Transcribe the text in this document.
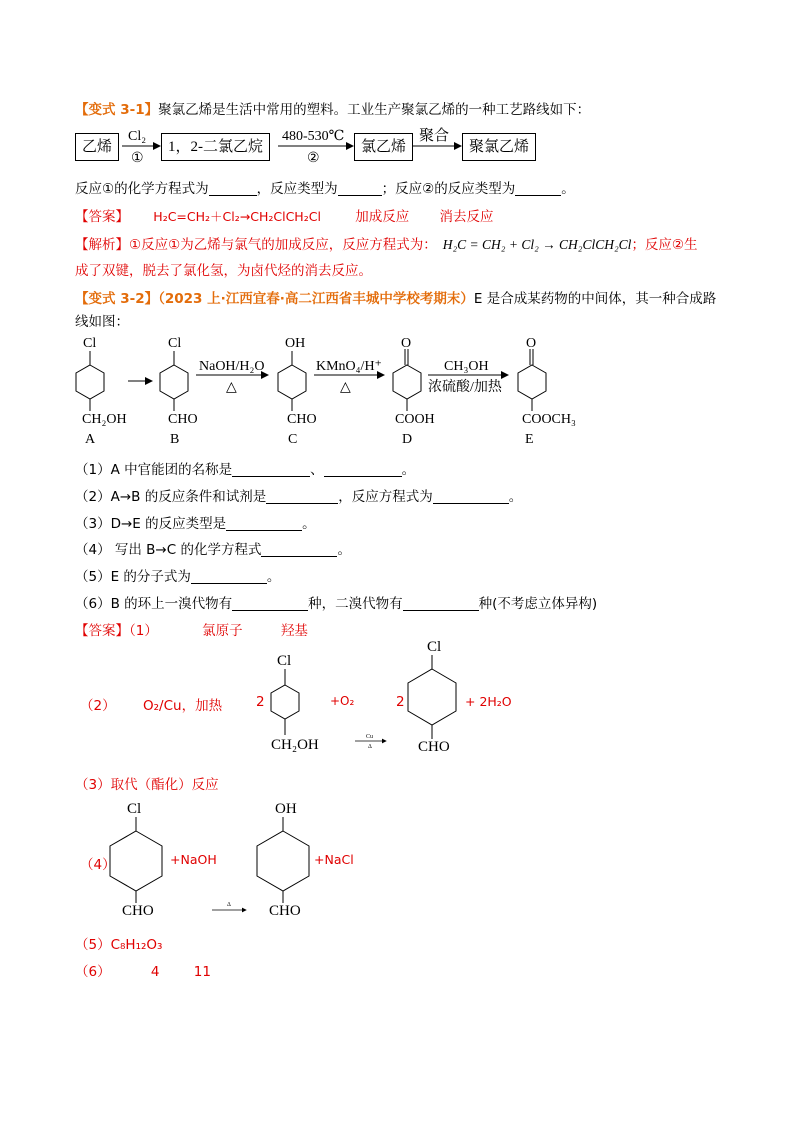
【变式 3-1】聚氯乙烯是生活中常用的塑料。工业生产聚氯乙烯的一种工艺路线如下：
乙烯	1，2-二氯乙烷	氯乙烯	聚氯乙烯
Cl₂
①
480-530℃
②
聚合
反应①的化学方程式为	，反应类型为	；反应②的反应类型为	。
【答案】 H₂C=CH₂＋Cl₂→CH₂ClCH₂Cl	加成反应 消去反应
【解析】①反应①为乙烯与氯气的加成反应，反应方程式为： H₂C = CH₂ + Cl₂ → CH₂ClCH₂Cl；反应②生
成了双键，脱去了氯化氢，为卤代烃的消去反应。
【变式 3-2】（2023 上·江西宜春·高二江西省丰城中学校考期末）E 是合成某药物的中间体，其一种合成路
线如图：
Cl
CH₂OH
A
Cl
CHO
B
NaOH/H₂O
△
OH
CHO
C
KMnO₄/H⁺
△
O
COOH
D
CH₃OH
浓硫酸/加热
O
COOCH₃
E
（1）A 中官能团的名称是	、	。
（2）A→B 的反应条件和试剂是	，反应方程式为	。
（3）D→E 的反应类型是	。
（4） 写出 B→C 的化学方程式	。
（5）E 的分子式为	。
（6）B 的环上一溴代物有	种，二溴代物有	种(不考虑立体异构)
【答案】（1）	氯原子	羟基
（2） O₂/Cu，加热	2	+O₂	2	+ 2H₂O
Cl
CH₂OH	Cu
Δ
Cl
CHO
（3）取代（酯化）反应
（4）	+NaOH	+NaCl
Cl
CHO	Δ
OH
CHO
（5）C₈H₁₂O₃
（6）	4	11
